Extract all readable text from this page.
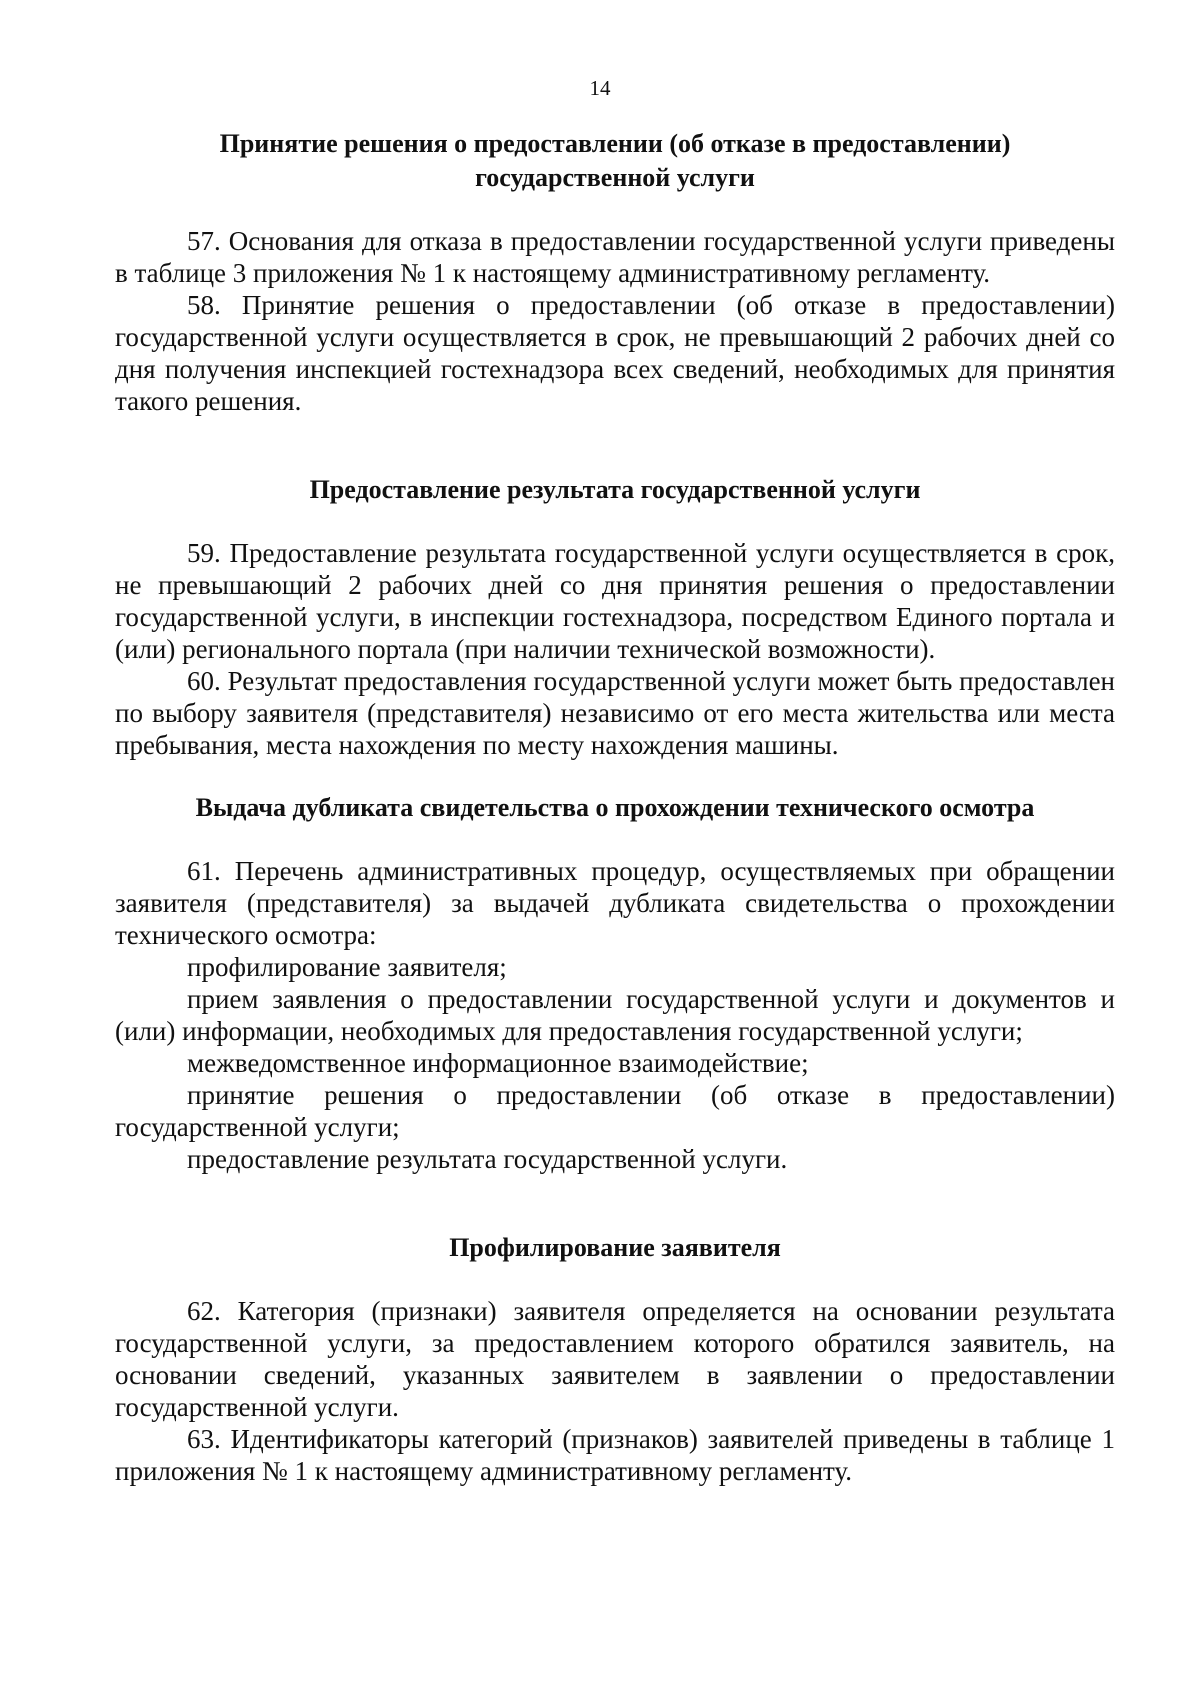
14

Принятие решения о предоставлении (об отказе в предоставлении)

государственной услуги

57. Основания для отказа в предоставлении государственной услуги приведены в таблице 3 приложения № 1 к настоящему административному регламенту.

58. Принятие решения о предоставлении (об отказе в предоставлении) государственной услуги осуществляется в срок, не превышающий 2 рабочих дней со дня получения инспекцией гостехнадзора всех сведений, необходимых для принятия такого решения.

Предоставление результата государственной услуги

59. Предоставление результата государственной услуги осуществляется в срок, не превышающий 2 рабочих дней со дня принятия решения о предоставлении государственной услуги, в инспекции гостехнадзора, посредством Единого портала и (или) регионального портала (при наличии технической возможности).

60. Результат предоставления государственной услуги может быть предоставлен по выбору заявителя (представителя) независимо от его места жительства или места пребывания, места нахождения по месту нахождения машины.

Выдача дубликата свидетельства о прохождении технического осмотра

61. Перечень административных процедур, осуществляемых при обращении заявителя (представителя) за выдачей дубликата свидетельства о прохождении технического осмотра:

профилирование заявителя;

прием заявления о предоставлении государственной услуги и документов и (или) информации, необходимых для предоставления государственной услуги;

межведомственное информационное взаимодействие;

принятие решения о предоставлении (об отказе в предоставлении) государственной услуги;

предоставление результата государственной услуги.

Профилирование заявителя

62. Категория (признаки) заявителя определяется на основании результата государственной услуги, за предоставлением которого обратился заявитель, на основании сведений, указанных заявителем в заявлении о предоставлении государственной услуги.

63. Идентификаторы категорий (признаков) заявителей приведены в таблице 1 приложения № 1 к настоящему административному регламенту.
